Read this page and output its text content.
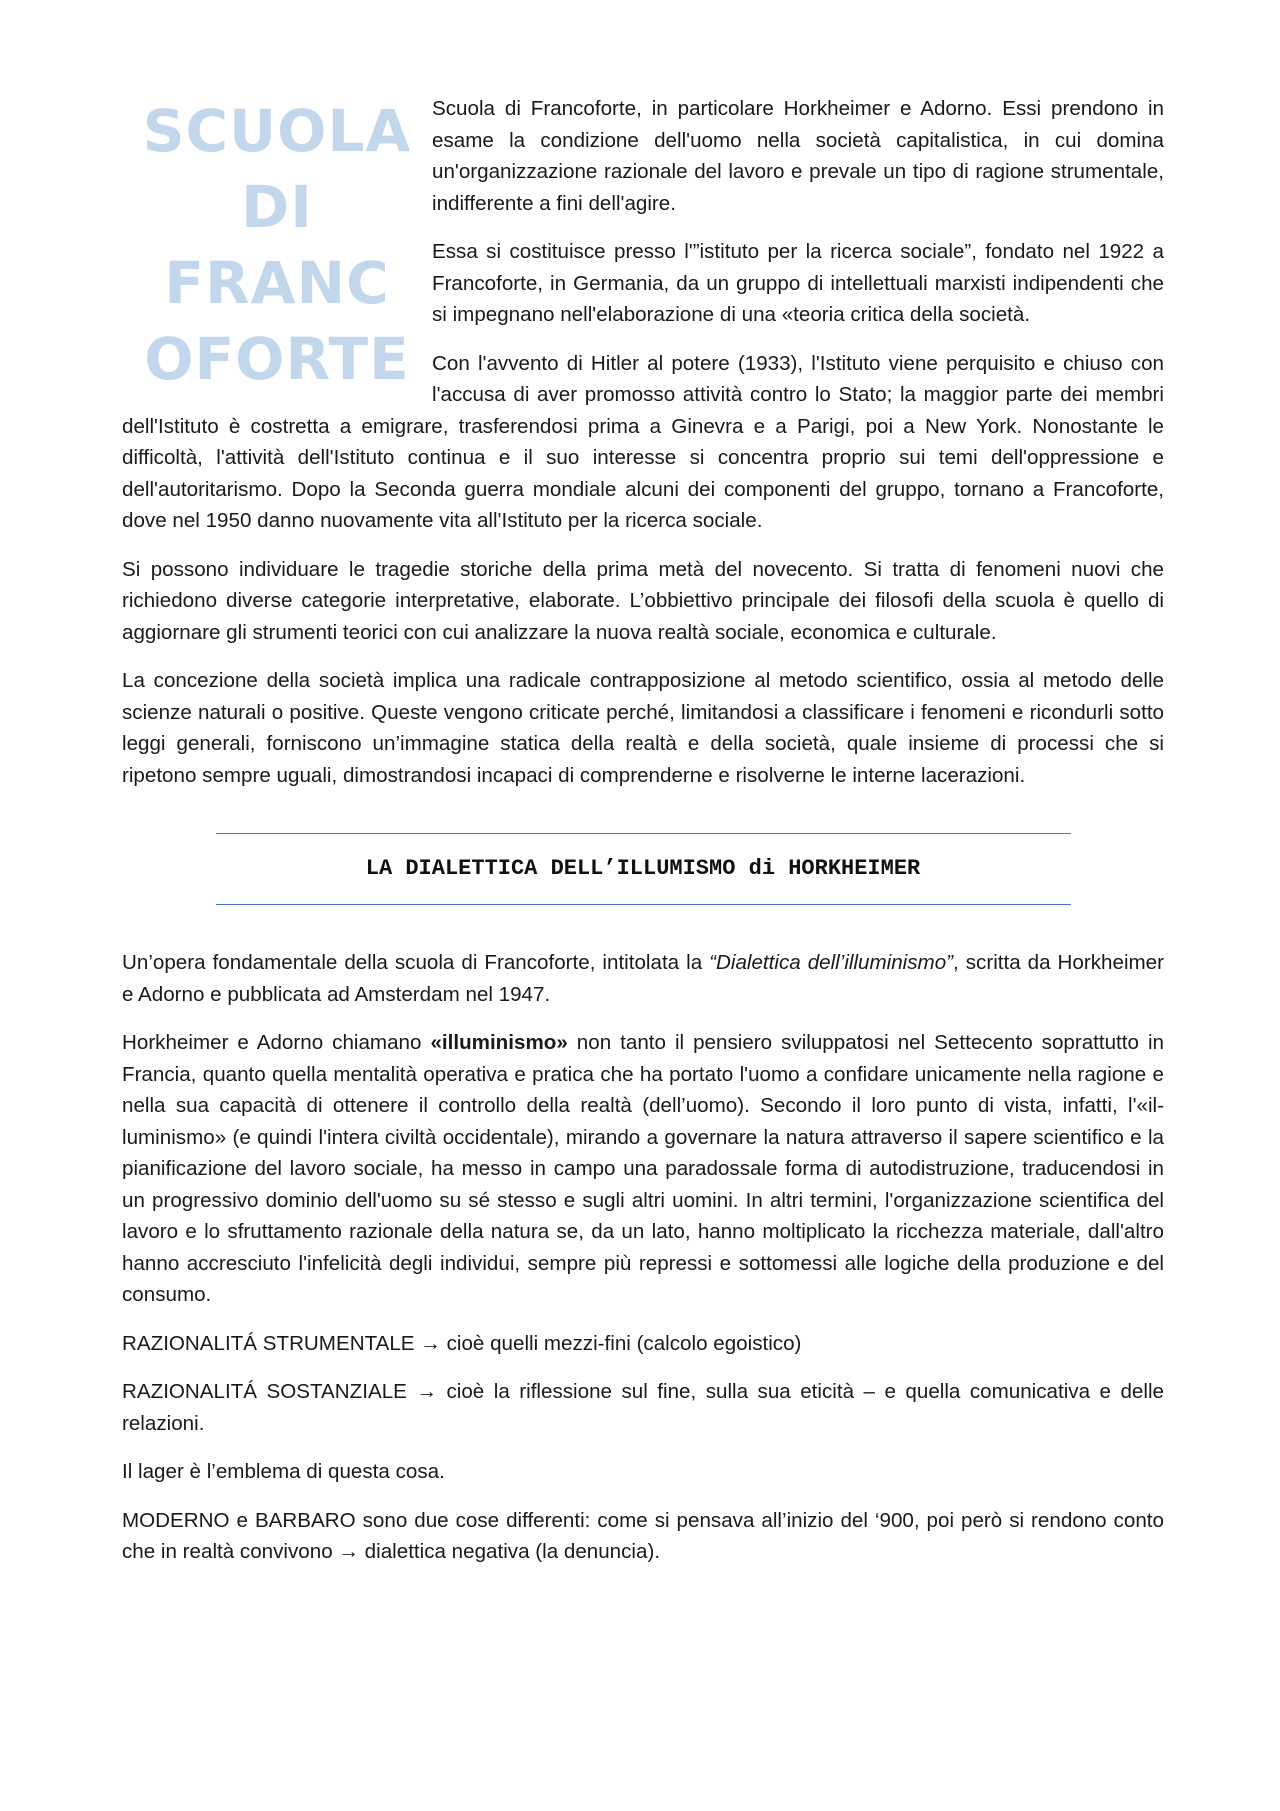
SCUOLA
DI
FRANC
OFORTE

Scuola di Francoforte, in particolare Horkheimer e Adorno. Essi prendono in esame la condizione dell'uomo nella società capitalistica, in cui domina un'organizzazione razionale del lavoro e prevale un tipo di ragione strumentale, indifferente a fini dell'agire.

Essa si costituisce presso l'”istituto per la ricerca sociale”, fondato nel 1922 a Francoforte, in Germania, da un gruppo di intellettuali marxisti indipendenti che si impegnano nell'elaborazione di una «teoria critica della società.

Con l'avvento di Hitler al potere (1933), l'Istituto viene perquisito e chiuso con l'accusa di aver promosso attività contro lo Stato; la maggior parte dei membri dell'Istituto è costretta a emigrare, trasferendosi prima a Ginevra e a Parigi, poi a New York. Nonostante le difficoltà, l'attività dell'Istituto continua e il suo interesse si concentra proprio sui temi dell'oppressione e dell'autoritarismo. Dopo la Seconda guerra mondiale alcuni dei componenti del gruppo, tornano a Francoforte, dove nel 1950 danno nuovamente vita all'Istituto per la ricerca sociale.

Si possono individuare le tragedie storiche della prima metà del novecento. Si tratta di fenomeni nuovi che richiedono diverse categorie interpretative, elaborate. L’obbiettivo principale dei filosofi della scuola è quello di aggiornare gli strumenti teorici con cui analizzare la nuova realtà sociale, economica e culturale.

La concezione della società implica una radicale contrapposizione al metodo scientifico, ossia al metodo delle scienze naturali o positive. Queste vengono criticate perché, limitandosi a classificare i fenomeni e ricondurli sotto leggi generali, forniscono un’immagine statica della realtà e della società, quale insieme di processi che si ripetono sempre uguali, dimostrandosi incapaci di comprenderne e risolverne le interne lacerazioni.

LA DIALETTICA DELL’ILLUMISMO di HORKHEIMER

Un’opera fondamentale della scuola di Francoforte, intitolata la “Dialettica dell’illuminismo”, scritta da Horkheimer e Adorno e pubblicata ad Amsterdam nel 1947.

Horkheimer e Adorno chiamano «illuminismo» non tanto il pensiero sviluppatosi nel Settecento soprattutto in Francia, quanto quella mentalità operativa e pratica che ha portato l'uomo a confidare unicamente nella ragione e nella sua capacità di ottenere il controllo della realtà (dell’uomo). Secondo il loro punto di vista, infatti, l'«il- luminismo» (e quindi l'intera civiltà occidentale), mirando a governare la natura attraverso il sapere scientifico e la pianificazione del lavoro sociale, ha messo in campo una paradossale forma di autodistruzione, traducendosi in un progressivo dominio dell'uomo su sé stesso e sugli altri uomini. In altri termini, l'organizzazione scientifica del lavoro e lo sfruttamento razionale della natura se, da un lato, hanno moltiplicato la ricchezza materiale, dall'altro hanno accresciuto l'infelicità degli individui, sempre più repressi e sottomessi alle logiche della produzione e del consumo.

RAZIONALITÁ STRUMENTALE → cioè quelli mezzi-fini (calcolo egoistico)

RAZIONALITÁ SOSTANZIALE → cioè la riflessione sul fine, sulla sua eticità – e quella comunicativa e delle relazioni.

Il lager è l’emblema di questa cosa.

MODERNO e BARBARO sono due cose differenti: come si pensava all’inizio del ‘900, poi però si rendono conto che in realtà convivono → dialettica negativa (la denuncia).
